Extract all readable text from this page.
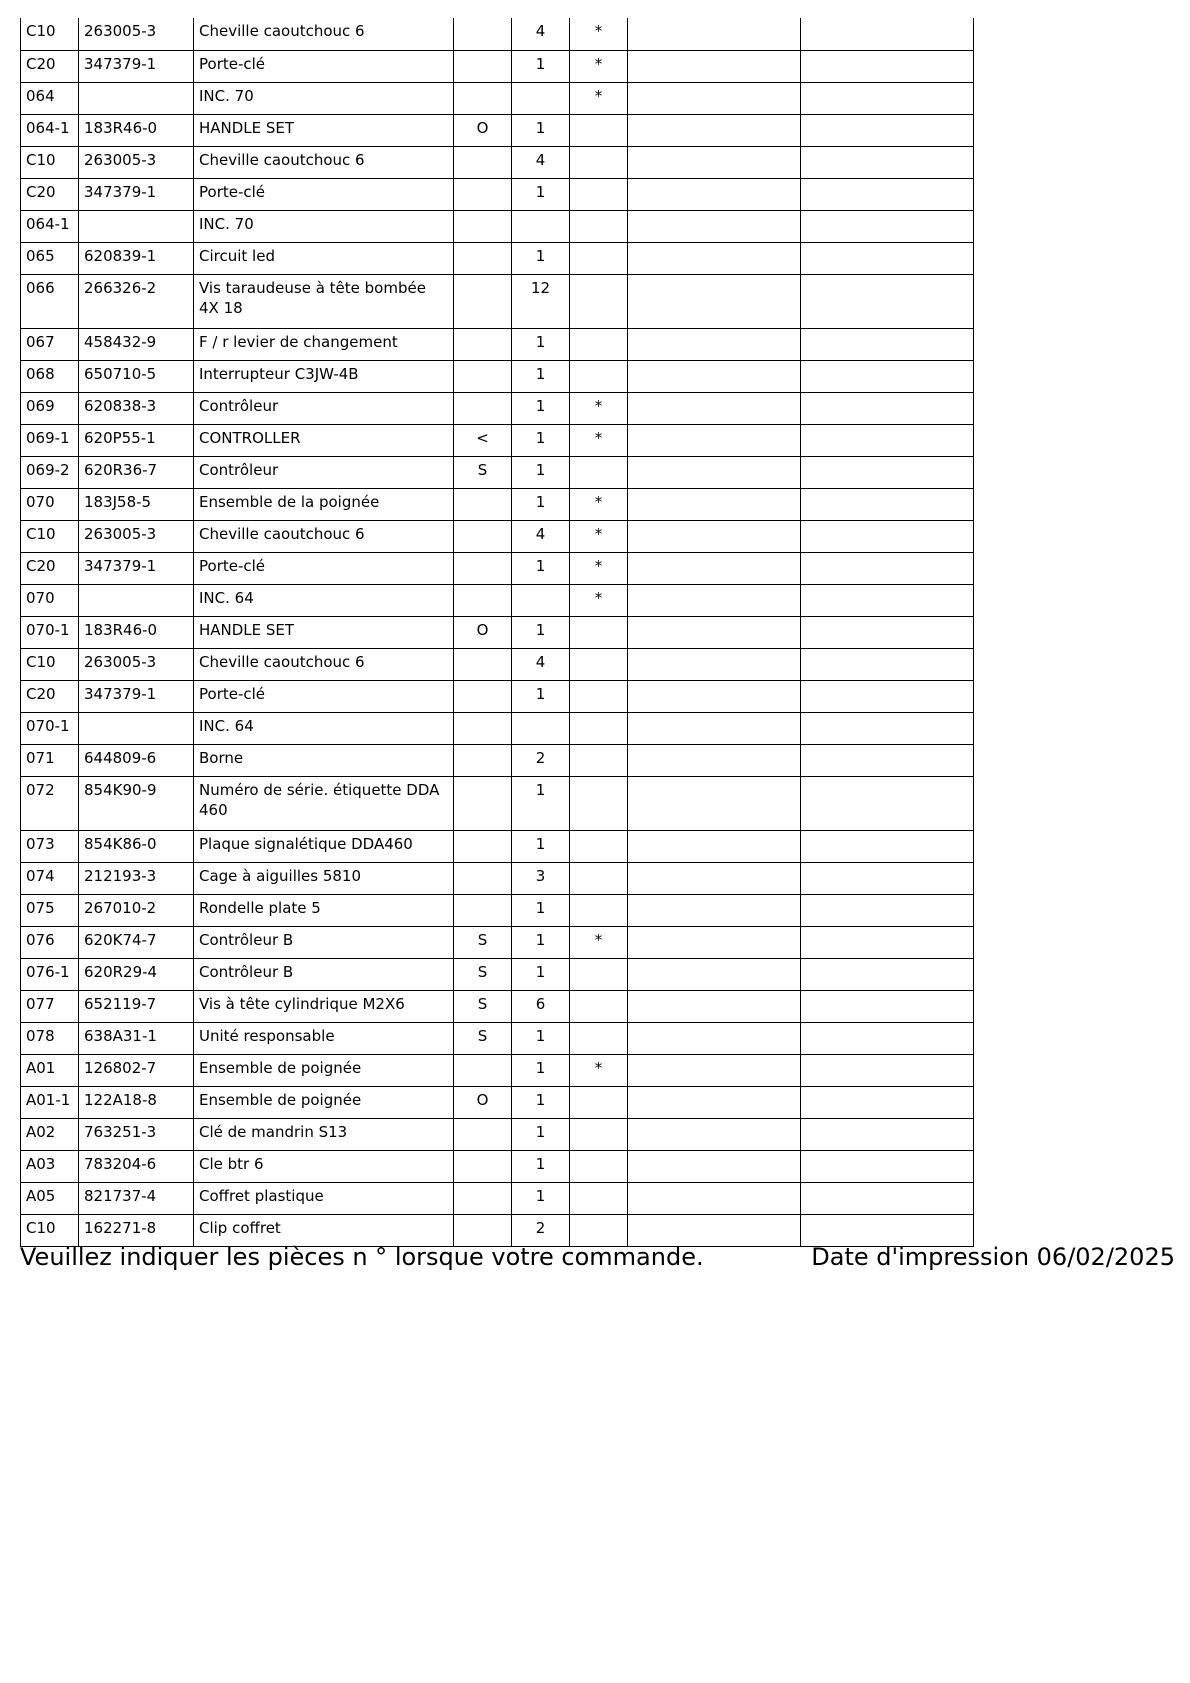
C10	263005-3	Cheville caoutchouc 6		4	*		
C20	347379-1	Porte-clé		1	*		
064		INC. 70			*		
064-1	183R46-0	HANDLE SET	O	1			
C10	263005-3	Cheville caoutchouc 6		4			
C20	347379-1	Porte-clé		1			
064-1		INC. 70					
065	620839-1	Circuit led		1			
066	266326-2	Vis taraudeuse à tête bombée 4X 18		12			
067	458432-9	F / r levier de changement		1			
068	650710-5	Interrupteur C3JW-4B		1			
069	620838-3	Contrôleur		1	*		
069-1	620P55-1	CONTROLLER	<	1	*		
069-2	620R36-7	Contrôleur	S	1			
070	183J58-5	Ensemble de la poignée		1	*		
C10	263005-3	Cheville caoutchouc 6		4	*		
C20	347379-1	Porte-clé		1	*		
070		INC. 64			*		
070-1	183R46-0	HANDLE SET	O	1			
C10	263005-3	Cheville caoutchouc 6		4			
C20	347379-1	Porte-clé		1			
070-1		INC. 64					
071	644809-6	Borne		2			
072	854K90-9	Numéro de série. étiquette DDA 460		1			
073	854K86-0	Plaque signalétique DDA460		1			
074	212193-3	Cage à aiguilles 5810		3			
075	267010-2	Rondelle plate 5		1			
076	620K74-7	Contrôleur B	S	1	*		
076-1	620R29-4	Contrôleur B	S	1			
077	652119-7	Vis à tête cylindrique M2X6	S	6			
078	638A31-1	Unité responsable	S	1			
A01	126802-7	Ensemble de poignée		1	*		
A01-1	122A18-8	Ensemble de poignée	O	1			
A02	763251-3	Clé de mandrin S13		1			
A03	783204-6	Cle btr 6		1			
A05	821737-4	Coffret plastique		1			
C10	162271-8	Clip coffret		2			
Veuillez indiquer les pièces n ° lorsque votre commande.	Date d'impression 06/02/2025
